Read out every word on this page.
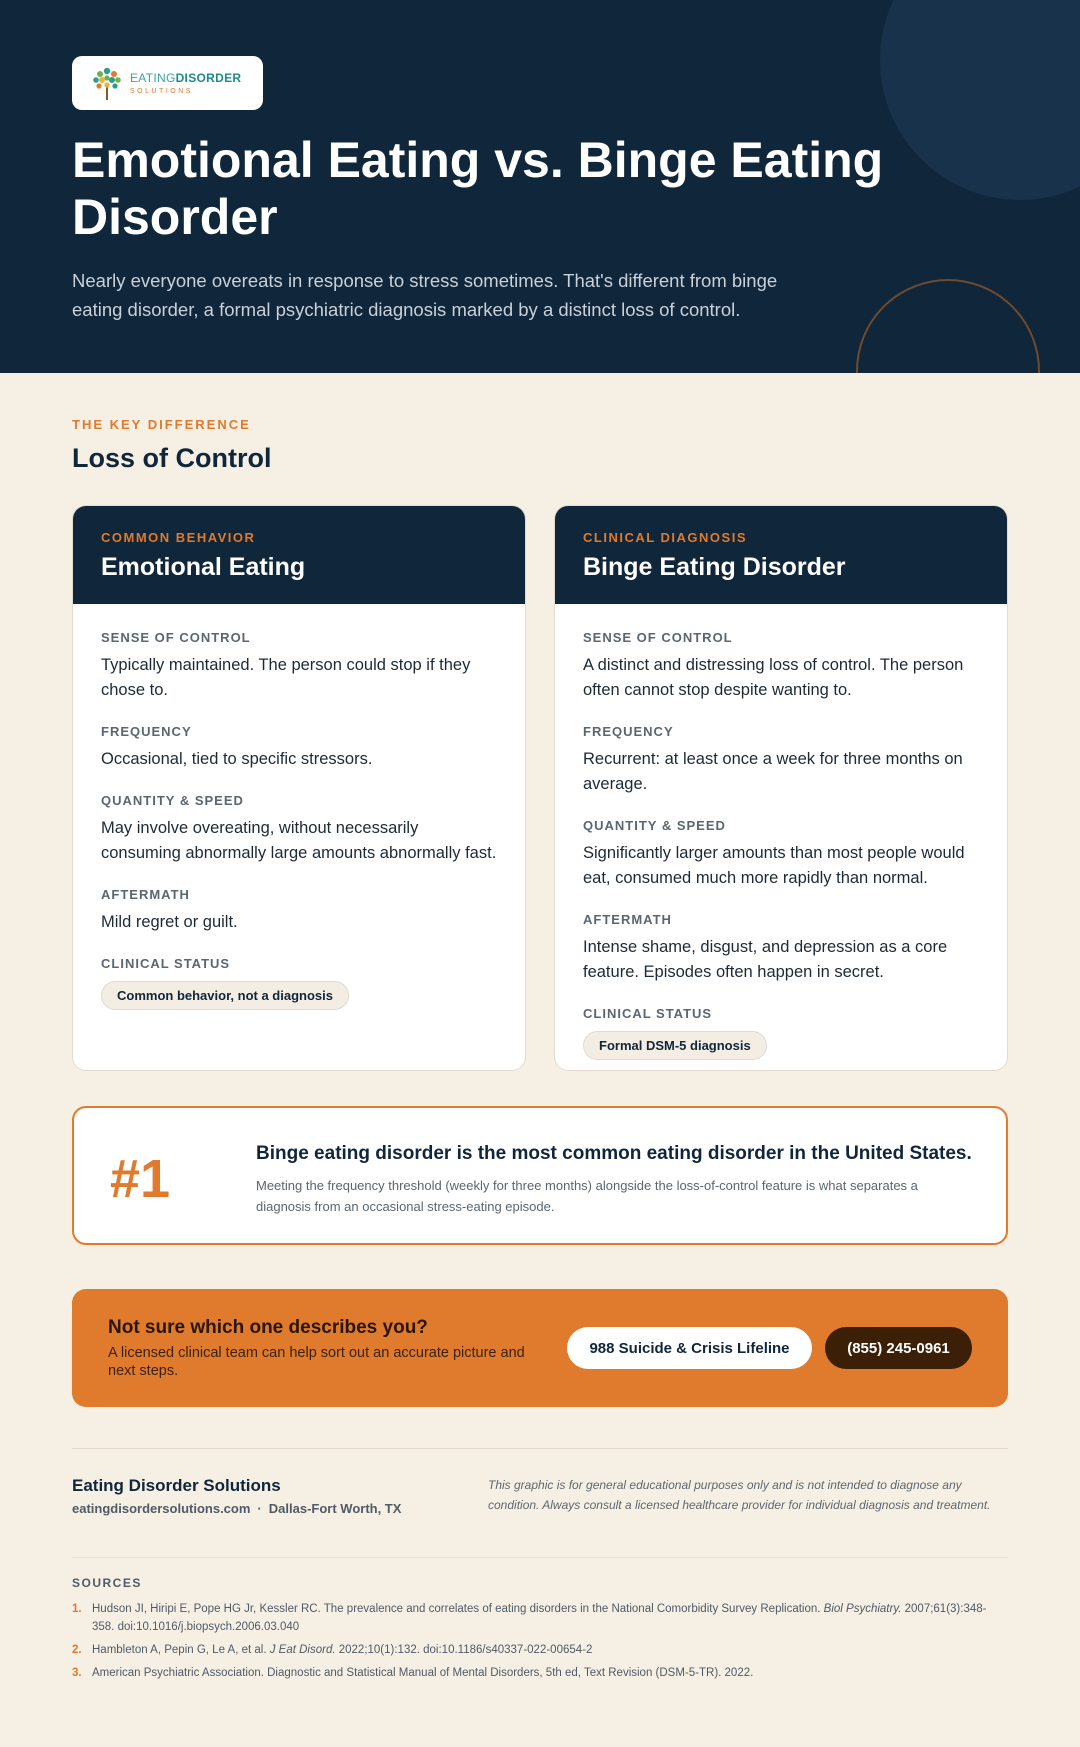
EATINGDISORDER
SOLUTIONS
Emotional Eating vs. Binge Eating Disorder

Nearly everyone overeats in response to stress sometimes. That's different from binge eating disorder, a formal psychiatric diagnosis marked by a distinct loss of control.

THE KEY DIFFERENCE
Loss of Control
COMMON BEHAVIOR
Emotional Eating
SENSE OF CONTROL
Typically maintained. The person could stop if they chose to.
FREQUENCY
Occasional, tied to specific stressors.
QUANTITY & SPEED
May involve overeating, without necessarily consuming abnormally large amounts abnormally fast.
AFTERMATH
Mild regret or guilt.
CLINICAL STATUS
Common behavior, not a diagnosis
CLINICAL DIAGNOSIS
Binge Eating Disorder
SENSE OF CONTROL
A distinct and distressing loss of control. The person often cannot stop despite wanting to.
FREQUENCY
Recurrent: at least once a week for three months on average.
QUANTITY & SPEED
Significantly larger amounts than most people would eat, consumed much more rapidly than normal.
AFTERMATH
Intense shame, disgust, and depression as a core feature. Episodes often happen in secret.
CLINICAL STATUS
Formal DSM-5 diagnosis
#1	Binge eating disorder is the most common eating disorder in the United States.
Meeting the frequency threshold (weekly for three months) alongside the loss-of-control feature is what separates a diagnosis from an occasional stress-eating episode.
Not sure which one describes you?
A licensed clinical team can help sort out an accurate picture and next steps.
988 Suicide & Crisis Lifeline	(855) 245-0961
Eating Disorder Solutions
eatingdisordersolutions.com · Dallas-Fort Worth, TX

This graphic is for general educational purposes only and is not intended to diagnose any condition. Always consult a licensed healthcare provider for individual diagnosis and treatment.

SOURCES
1. Hudson JI, Hiripi E, Pope HG Jr, Kessler RC. The prevalence and correlates of eating disorders in the National Comorbidity Survey Replication. Biol Psychiatry. 2007;61(3):348-358. doi:10.1016/j.biopsych.2006.03.040
2. Hambleton A, Pepin G, Le A, et al. J Eat Disord. 2022;10(1):132. doi:10.1186/s40337-022-00654-2
3. American Psychiatric Association. Diagnostic and Statistical Manual of Mental Disorders, 5th ed, Text Revision (DSM-5-TR). 2022.
